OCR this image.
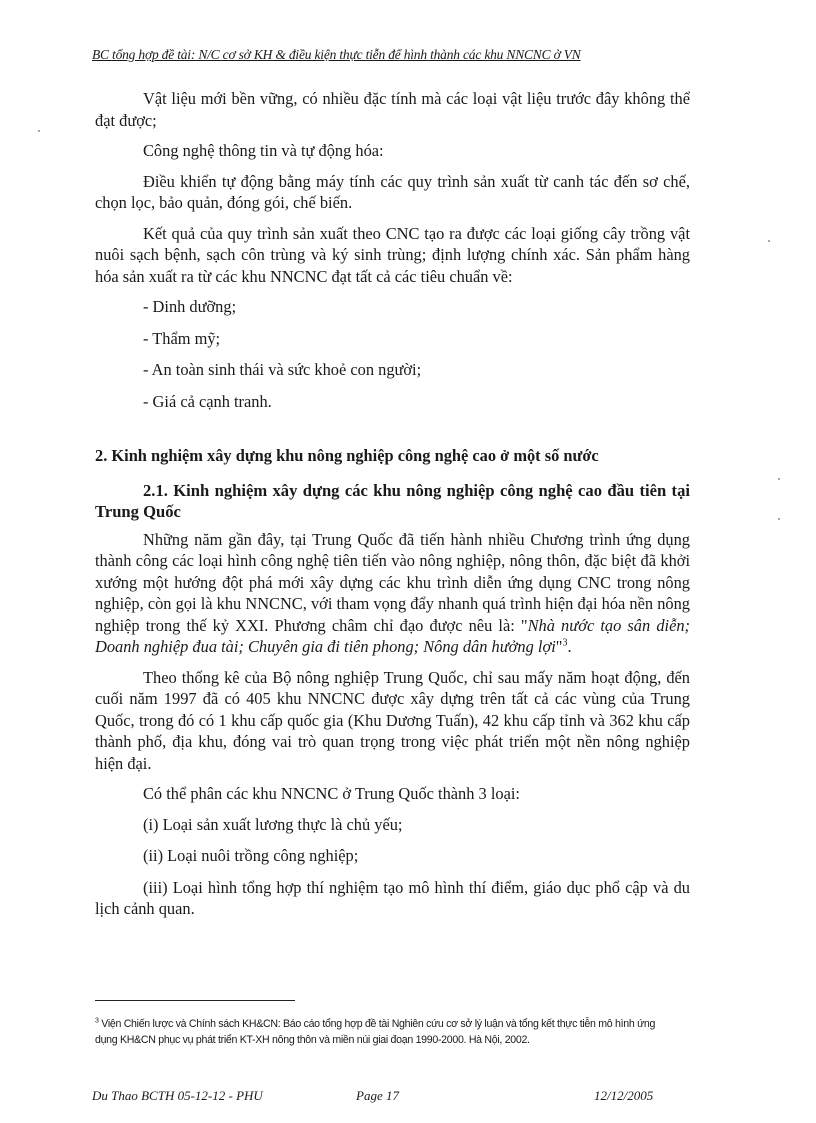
BC tổng hợp đề tài: N/C cơ sở KH & điều kiện thực tiễn để hình thành các khu NNCNC ở VN

Vật liệu mới bền vững, có nhiều đặc tính mà các loại vật liệu trước đây không thể đạt được;

Công nghệ thông tin và tự động hóa:

Điều khiển tự động bằng máy tính các quy trình sản xuất từ canh tác đến sơ chế, chọn lọc, bảo quản, đóng gói, chế biến.

Kết quả của quy trình sản xuất theo CNC tạo ra được các loại giống cây trồng vật nuôi sạch bệnh, sạch côn trùng và ký sinh trùng; định lượng chính xác. Sản phẩm hàng hóa sản xuất ra từ các khu NNCNC đạt tất cả các tiêu chuẩn về:

- Dinh dưỡng;
- Thẩm mỹ;
- An toàn sinh thái và sức khoẻ con người;
- Giá cả cạnh tranh.
2. Kinh nghiệm xây dựng khu nông nghiệp công nghệ cao ở một số nước
2.1. Kinh nghiệm xây dựng các khu nông nghiệp công nghệ cao đầu tiên tại Trung Quốc

Những năm gần đây, tại Trung Quốc đã tiến hành nhiều Chương trình ứng dụng thành công các loại hình công nghệ tiên tiến vào nông nghiệp, nông thôn, đặc biệt đã khởi xướng một hướng đột phá mới xây dựng các khu trình diễn ứng dụng CNC trong nông nghiệp, còn gọi là khu NNCNC, với tham vọng đẩy nhanh quá trình hiện đại hóa nền nông nghiệp trong thế kỷ XXI. Phương châm chỉ đạo được nêu là: "Nhà nước tạo sân diễn; Doanh nghiệp đua tài; Chuyên gia đi tiên phong; Nông dân hưởng lợi"$^3$.

Theo thống kê của Bộ nông nghiệp Trung Quốc, chỉ sau mấy năm hoạt động, đến cuối năm 1997 đã có 405 khu NNCNC được xây dựng trên tất cả các vùng của Trung Quốc, trong đó có 1 khu cấp quốc gia (Khu Dương Tuấn), 42 khu cấp tỉnh và 362 khu cấp thành phố, địa khu, đóng vai trò quan trọng trong việc phát triển một nền nông nghiệp hiện đại.

Có thể phân các khu NNCNC ở Trung Quốc thành 3 loại:

(i) Loại sản xuất lương thực là chủ yếu;
(ii) Loại nuôi trồng công nghiệp;

(iii) Loại hình tổng hợp thí nghiệm tạo mô hình thí điểm, giáo dục phổ cập và du lịch cảnh quan.

$^3$ Viện Chiến lược và Chính sách KH&CN: Báo cáo tổng hợp đề tài Nghiên cứu cơ sở lý luận và tổng kết thực tiễn mô hình ứng dụng KH&CN phục vụ phát triển KT-XH nông thôn và miền núi giai đoạn 1990-2000. Hà Nội, 2002.
Du Thao BCTH 05-12-12 - PHU	Page 17	12/12/2005
